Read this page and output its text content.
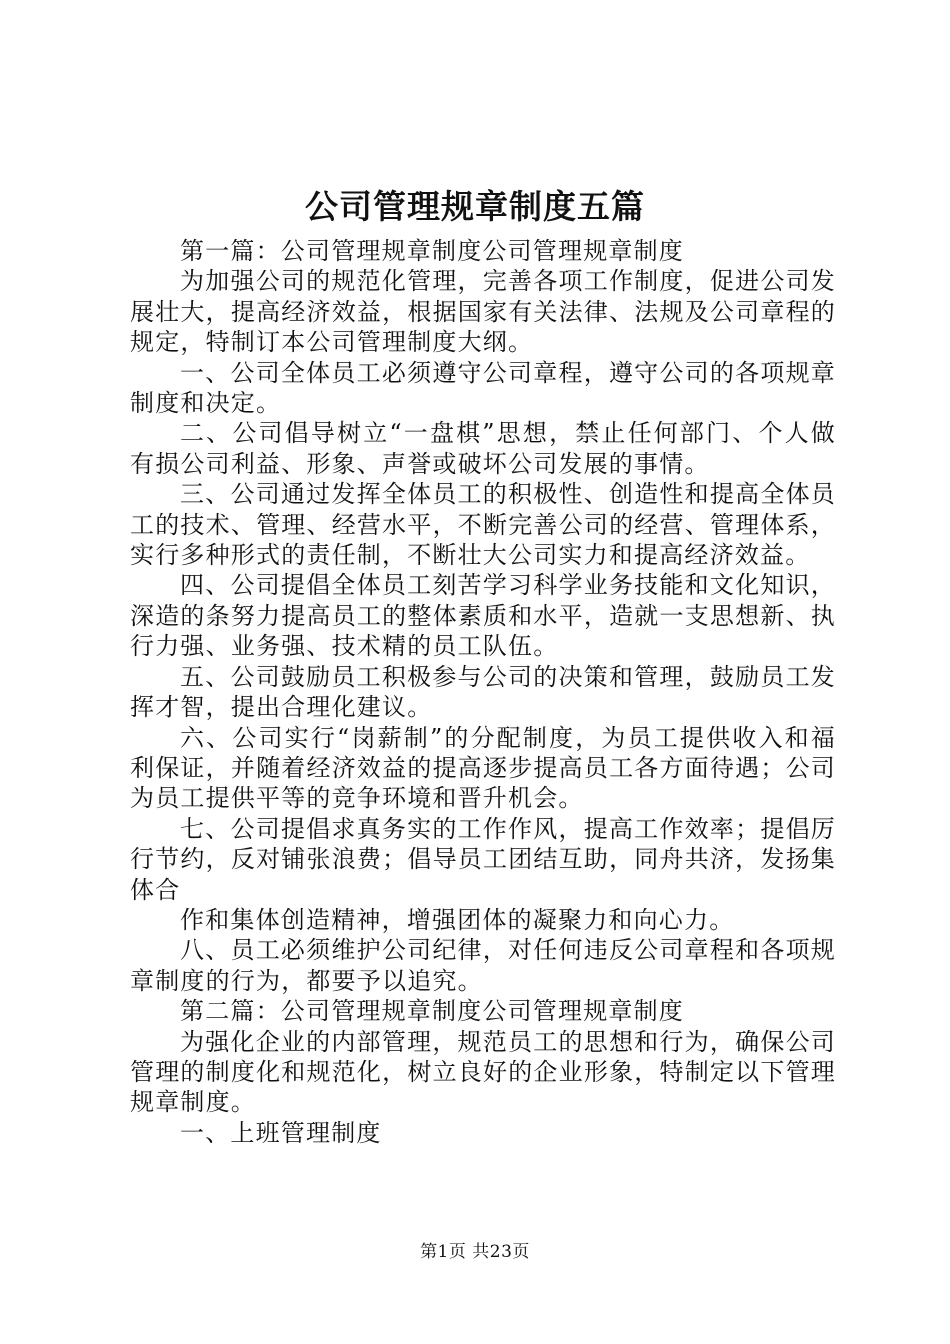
公司管理规章制度五篇

第一篇：公司管理规章制度公司管理规章制度

为加强公司的规范化管理，完善各项工作制度，促进公司发展壮大，提高经济效益，根据国家有关法律、法规及公司章程的规定，特制订本公司管理制度大纲。

一、公司全体员工必须遵守公司章程，遵守公司的各项规章制度和决定。

二、公司倡导树立“一盘棋”思想，禁止任何部门、个人做有损公司利益、形象、声誉或破坏公司发展的事情。

三、公司通过发挥全体员工的积极性、创造性和提高全体员工的技术、管理、经营水平，不断完善公司的经营、管理体系，实行多种形式的责任制，不断壮大公司实力和提高经济效益。

四、公司提倡全体员工刻苦学习科学业务技能和文化知识，深造的条努力提高员工的整体素质和水平，造就一支思想新、执行力强、业务强、技术精的员工队伍。

五、公司鼓励员工积极参与公司的决策和管理，鼓励员工发挥才智，提出合理化建议。

六、公司实行“岗薪制”的分配制度，为员工提供收入和福利保证，并随着经济效益的提高逐步提高员工各方面待遇；公司为员工提供平等的竞争环境和晋升机会。

七、公司提倡求真务实的工作作风，提高工作效率；提倡厉行节约，反对铺张浪费；倡导员工团结互助，同舟共济，发扬集体合

作和集体创造精神，增强团体的凝聚力和向心力。

八、员工必须维护公司纪律，对任何违反公司章程和各项规章制度的行为，都要予以追究。

第二篇：公司管理规章制度公司管理规章制度

为强化企业的内部管理，规范员工的思想和行为，确保公司管理的制度化和规范化，树立良好的企业形象，特制定以下管理规章制度。

一、上班管理制度

第1页 共23页
